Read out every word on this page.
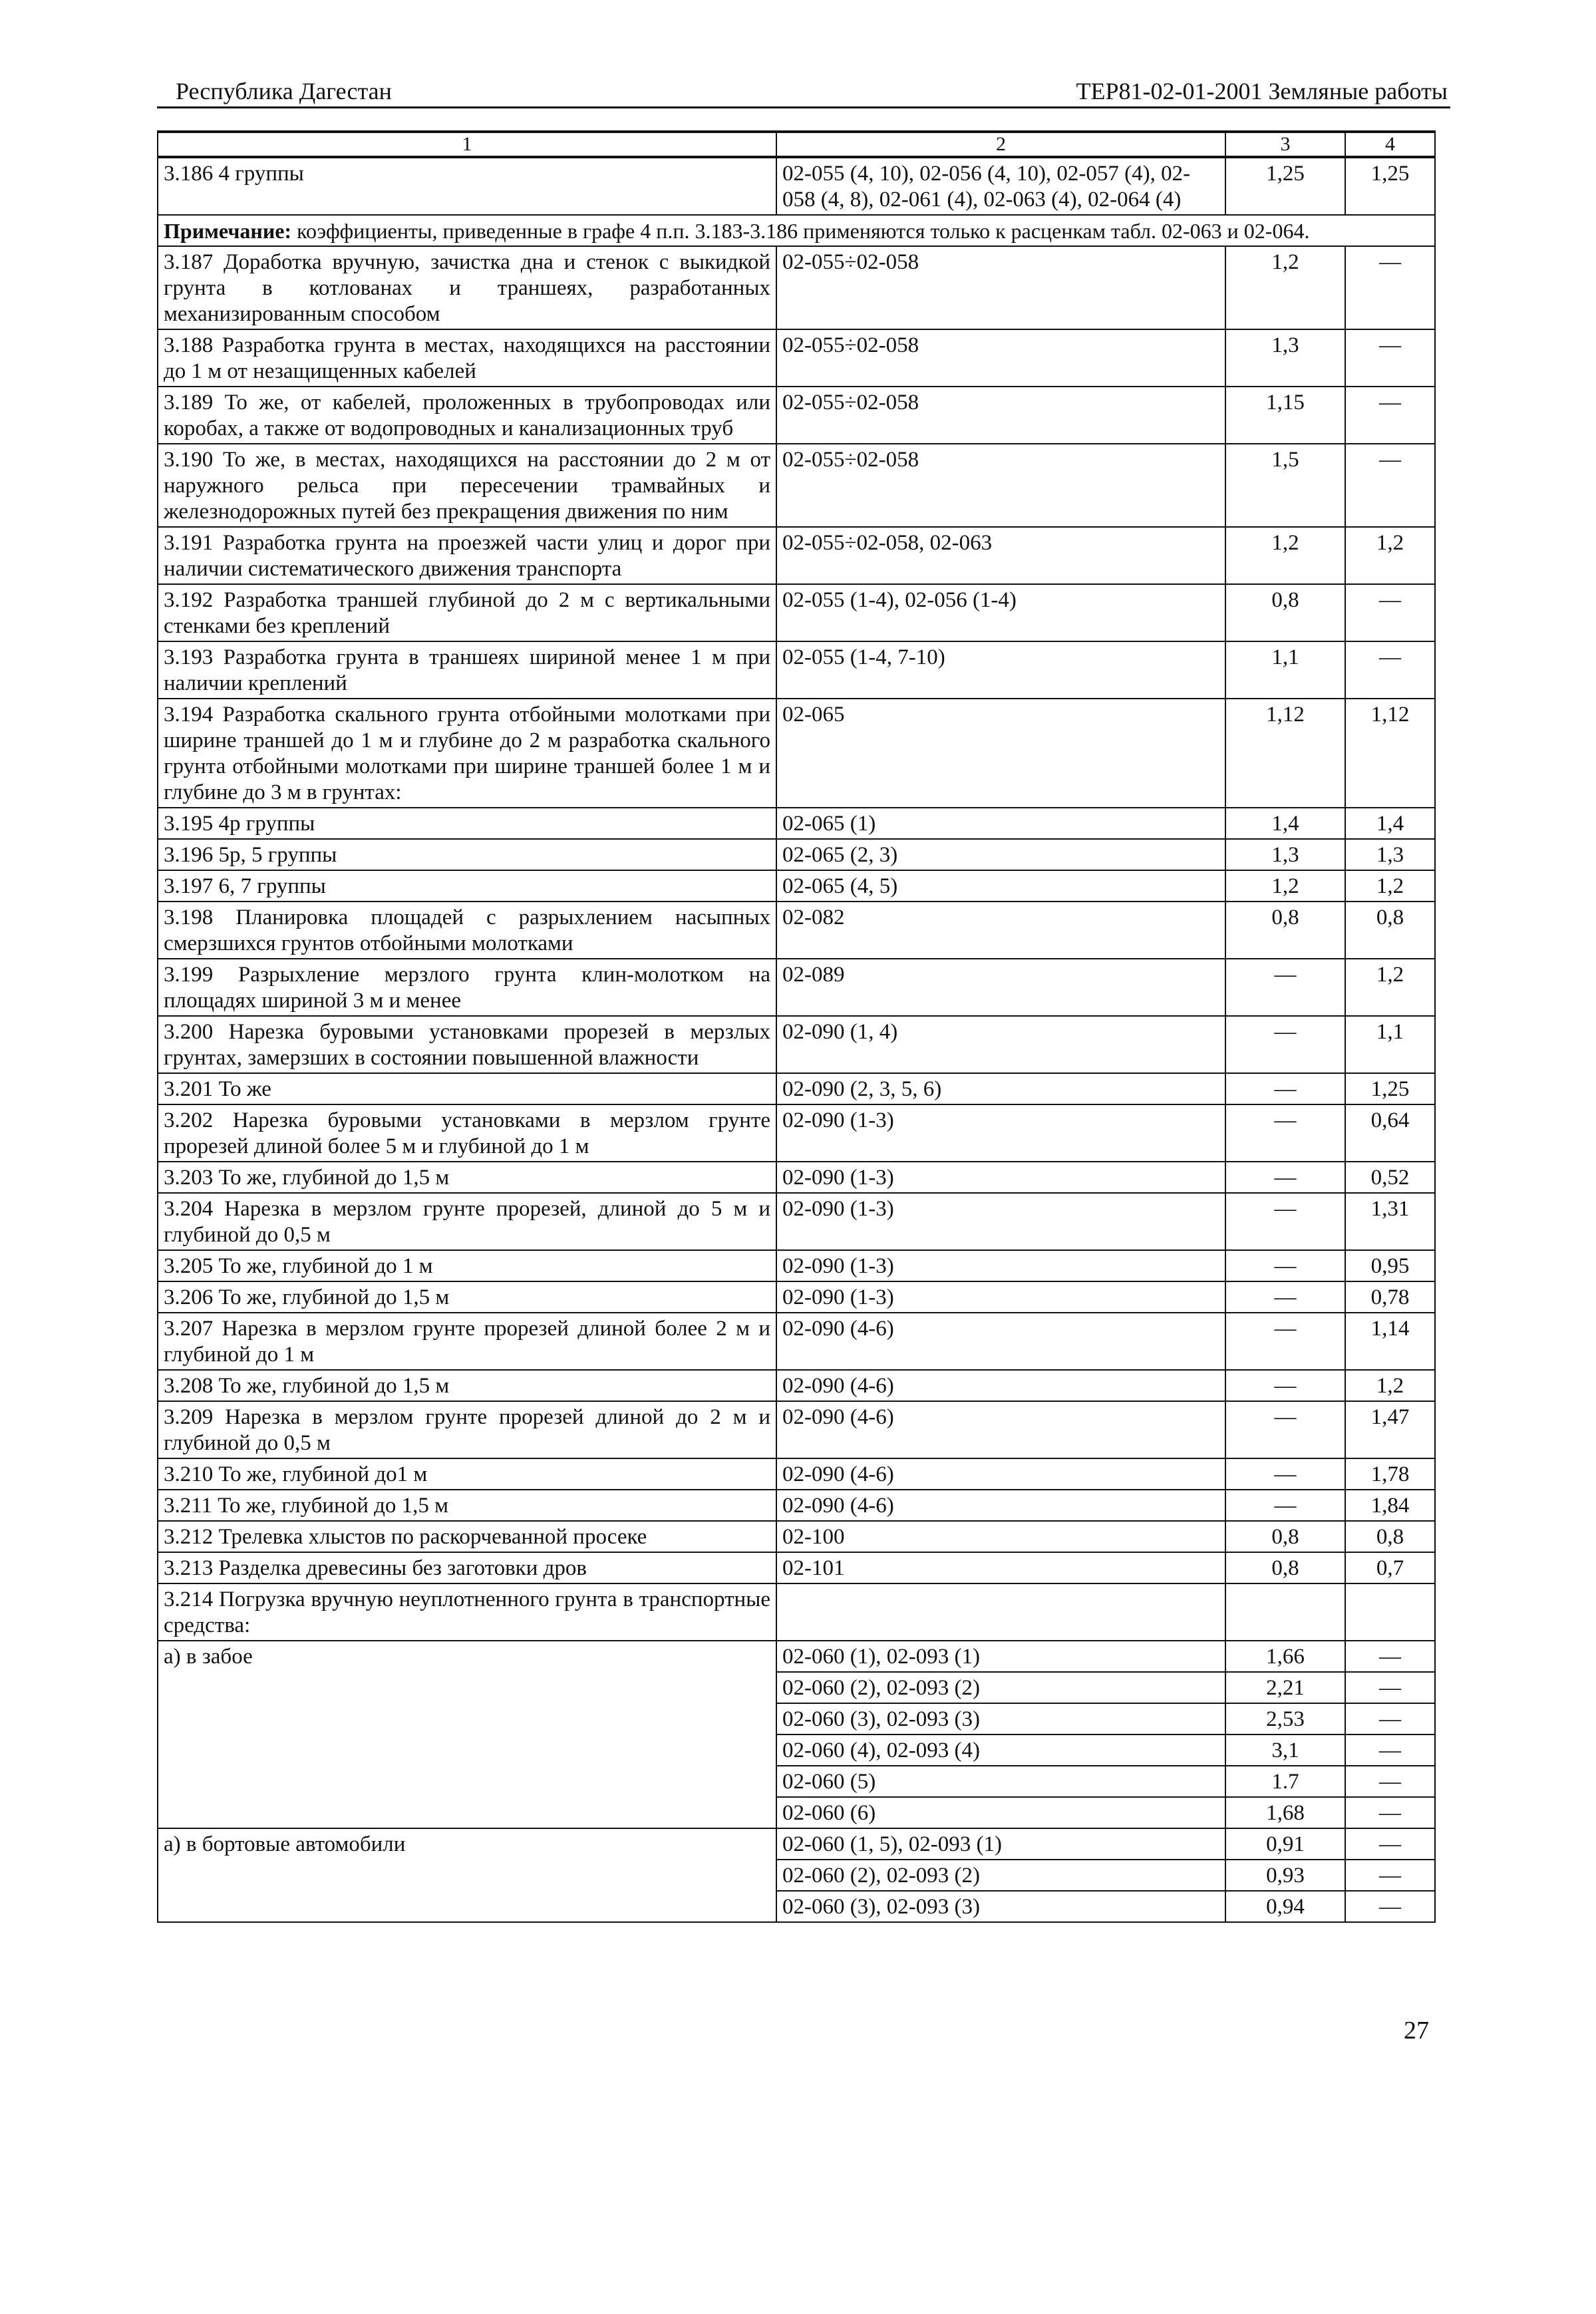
Республика Дагестан	ТЕР81-02-01-2001 Земляные работы
1	2	3	4
3.186 4 группы	02-055 (4, 10), 02-056 (4, 10), 02-057 (4), 02-058 (4, 8), 02-061 (4), 02-063 (4), 02-064 (4)	1,25	1,25
Примечание: коэффициенты, приведенные в графе 4 п.п. 3.183-3.186 применяются только к расценкам табл. 02-063 и 02-064.			
3.187 Доработка вручную, зачистка дна и стенок с выкидкой грунта в котлованах и траншеях, разработанных механизированным способом	02-055÷02-058	1,2	—
3.188 Разработка грунта в местах, находящихся на расстоянии до 1 м от незащищенных кабелей	02-055÷02-058	1,3	—
3.189 То же, от кабелей, проложенных в трубопроводах или коробах, а также от водопроводных и канализационных труб	02-055÷02-058	1,15	—
3.190 То же, в местах, находящихся на расстоянии до 2 м от наружного рельса при пересечении трамвайных и железнодорожных путей без прекращения движения по ним	02-055÷02-058	1,5	—
3.191 Разработка грунта на проезжей части улиц и дорог при наличии систематического движения транспорта	02-055÷02-058, 02-063	1,2	1,2
3.192 Разработка траншей глубиной до 2 м с вертикальными стенками без креплений	02-055 (1-4), 02-056 (1-4)	0,8	—
3.193 Разработка грунта в траншеях шириной менее 1 м при наличии креплений	02-055 (1-4, 7-10)	1,1	—
3.194 Разработка скального грунта отбойными молотками при ширине траншей до 1 м и глубине до 2 м разработка скального грунта отбойными молотками при ширине траншей более 1 м и глубине до 3 м в грунтах:	02-065	1,12	1,12
3.195 4р группы	02-065 (1)	1,4	1,4
3.196 5р, 5 группы	02-065 (2, 3)	1,3	1,3
3.197 6, 7 группы	02-065 (4, 5)	1,2	1,2
3.198 Планировка площадей с разрыхлением насыпных смерзшихся грунтов отбойными молотками	02-082	0,8	0,8
3.199 Разрыхление мерзлого грунта клин-молотком на площадях шириной 3 м и менее	02-089	—	1,2
3.200 Нарезка буровыми установками прорезей в мерзлых грунтах, замерзших в состоянии повышенной влажности	02-090 (1, 4)	—	1,1
3.201 То же	02-090 (2, 3, 5, 6)	—	1,25
3.202 Нарезка буровыми установками в мерзлом грунте прорезей длиной более 5 м и глубиной до 1 м	02-090 (1-3)	—	0,64
3.203 То же, глубиной до 1,5 м	02-090 (1-3)	—	0,52
3.204 Нарезка в мерзлом грунте прорезей, длиной до 5 м и глубиной до 0,5 м	02-090 (1-3)	—	1,31
3.205 То же, глубиной до 1 м	02-090 (1-3)	—	0,95
3.206 То же, глубиной до 1,5 м	02-090 (1-3)	—	0,78
3.207 Нарезка в мерзлом грунте прорезей длиной более 2 м и глубиной до 1 м	02-090 (4-6)	—	1,14
3.208 То же, глубиной до 1,5 м	02-090 (4-6)	—	1,2
3.209 Нарезка в мерзлом грунте прорезей длиной до 2 м и глубиной до 0,5 м	02-090 (4-6)	—	1,47
3.210 То же, глубиной до1 м	02-090 (4-6)	—	1,78
3.211 То же, глубиной до 1,5 м	02-090 (4-6)	—	1,84
3.212 Трелевка хлыстов по раскорчеванной просеке	02-100	0,8	0,8
3.213 Разделка древесины без заготовки дров	02-101	0,8	0,7
3.214 Погрузка вручную неуплотненного грунта в транспортные средства:			
а) в забое	02-060 (1), 02-093 (1)	1,66	—
	02-060 (2), 02-093 (2)	2,21	—
	02-060 (3), 02-093 (3)	2,53	—
	02-060 (4), 02-093 (4)	3,1	—
	02-060 (5)	1.7	—
	02-060 (6)	1,68	—
а) в бортовые автомобили	02-060 (1, 5), 02-093 (1)	0,91	—
	02-060 (2), 02-093 (2)	0,93	—
	02-060 (3), 02-093 (3)	0,94	—
27
